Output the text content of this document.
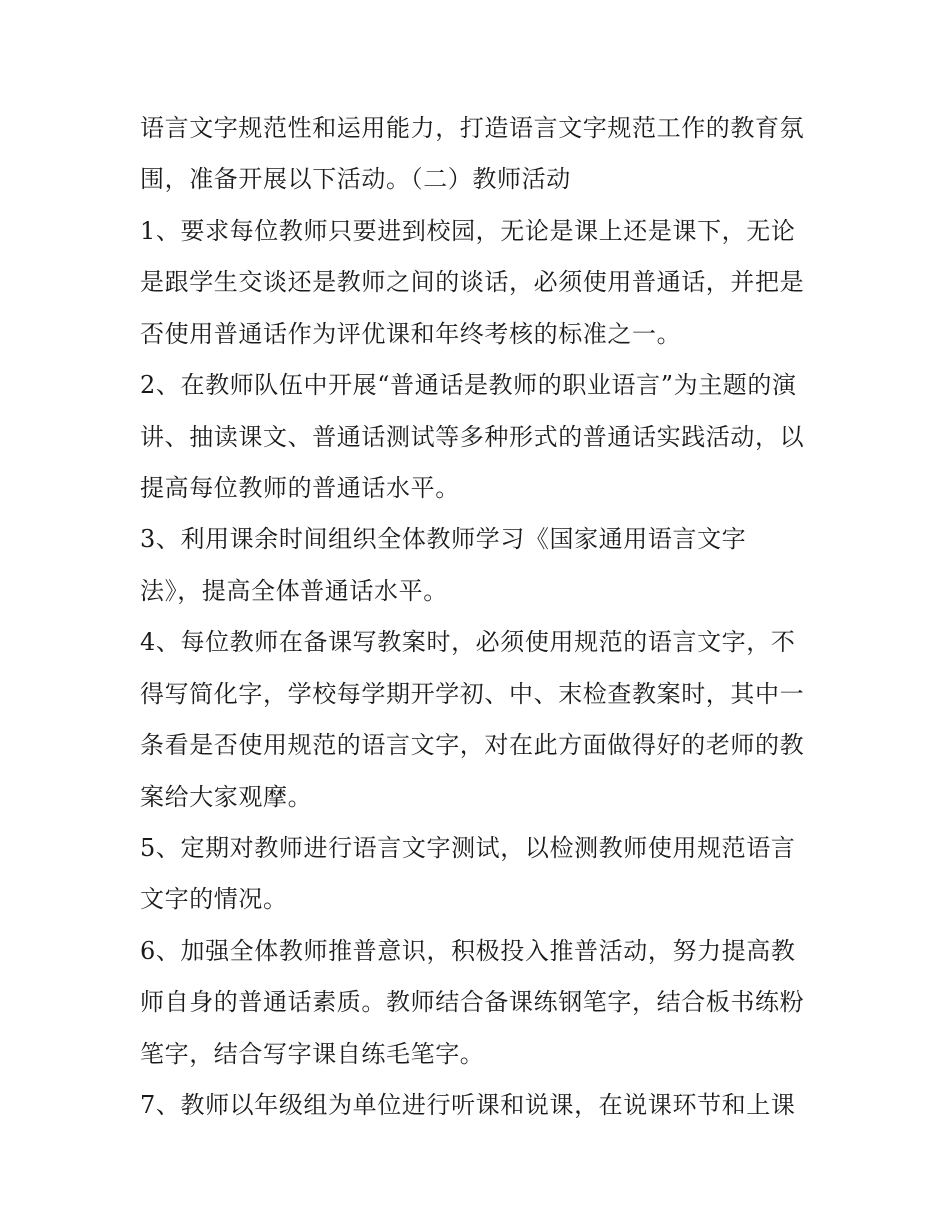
语言文字规范性和运用能力，打造语言文字规范工作的教育氛
围，准备开展以下活动。（二）教师活动
1、要求每位教师只要进到校园，无论是课上还是课下，无论
是跟学生交谈还是教师之间的谈话，必须使用普通话，并把是
否使用普通话作为评优课和年终考核的标准之一。
2、在教师队伍中开展“普通话是教师的职业语言”为主题的演
讲、抽读课文、普通话测试等多种形式的普通话实践活动，以
提高每位教师的普通话水平。
3、利用课余时间组织全体教师学习《国家通用语言文字
法》，提高全体普通话水平。
4、每位教师在备课写教案时，必须使用规范的语言文字，不
得写简化字，学校每学期开学初、中、末检查教案时，其中一
条看是否使用规范的语言文字，对在此方面做得好的老师的教
案给大家观摩。
5、定期对教师进行语言文字测试，以检测教师使用规范语言
文字的情况。
6、加强全体教师推普意识，积极投入推普活动，努力提高教
师自身的普通话素质。教师结合备课练钢笔字，结合板书练粉
笔字，结合写字课自练毛笔字。
7、教师以年级组为单位进行听课和说课，在说课环节和上课
